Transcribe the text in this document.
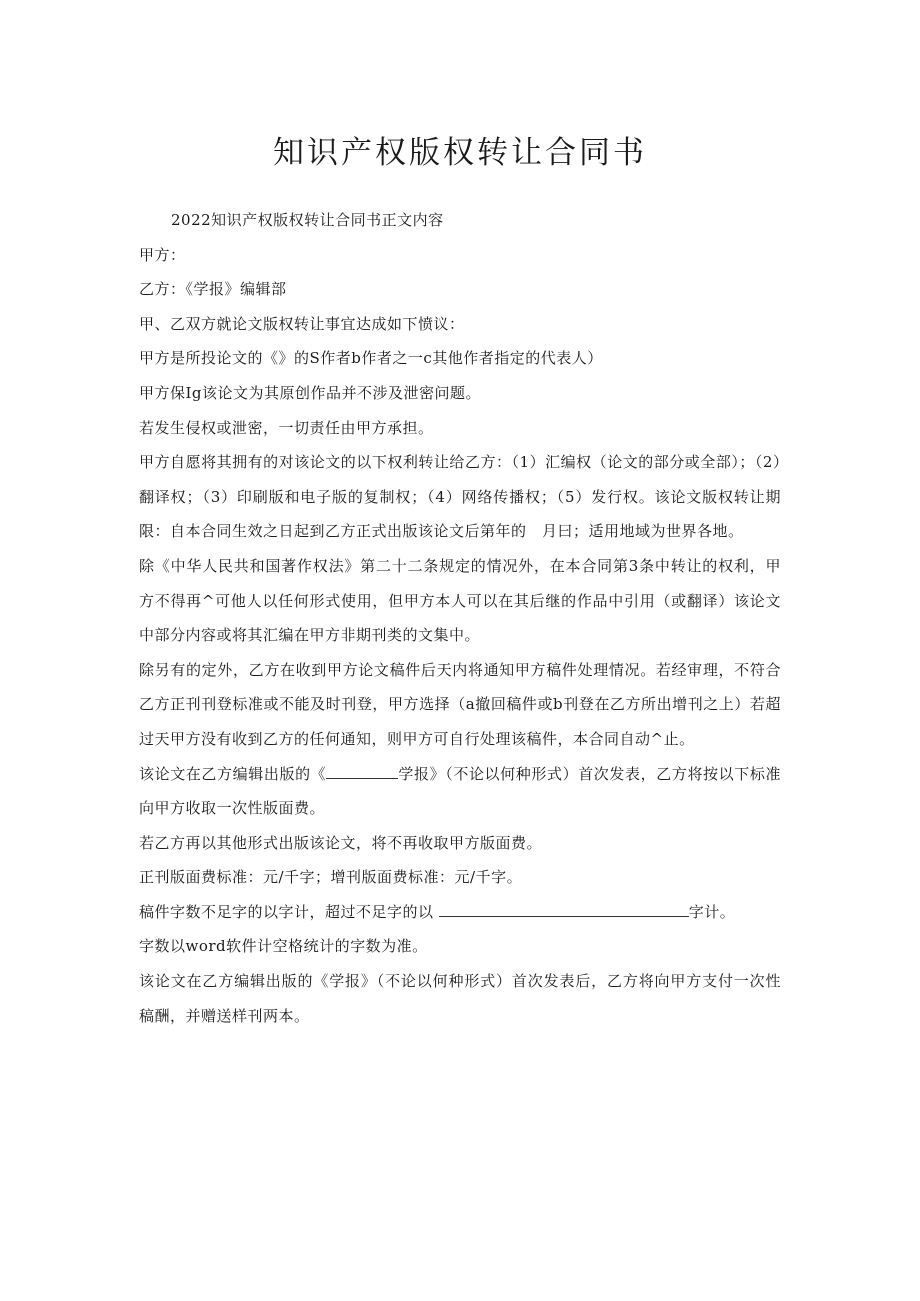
知识产权版权转让合同书

2022知识产权版权转让合同书正文内容

甲方：

乙方：《学报》编辑部

甲、乙双方就论文版权转让事宜达成如下愤议：

甲方是所投论文的《》的S作者b作者之一c其他作者指定的代表人）

甲方保Ig该论文为其原创作品并不涉及泄密问题。

若发生侵权或泄密，一切责任由甲方承担。

甲方自愿将其拥有的对该论文的以下权利转让给乙方：（1）汇编权（论文的部分或全部）；（2）翻译权；（3）印刷版和电子版的复制权；（4）网络传播权；（5）发行权。该论文版权转让期限：自本合同生效之日起到乙方正式出版该论文后第年的　月曰；适用地域为世界各地。

除《中华人民共和国著作权法》第二十二条规定的情况外，在本合同第3条中转让的权利，甲方不得再^可他人以任何形式使用，但甲方本人可以在其后继的作品中引用（或翻译）该论文中部分内容或将其汇编在甲方非期刊类的文集中。

除另有的定外，乙方在收到甲方论文稿件后天内将通知甲方稿件处理情况。若经审理，不符合乙方正刊刊登标准或不能及时刊登，甲方选择（a撤回稿件或b刊登在乙方所出增刊之上）若超过天甲方没有收到乙方的任何通知，则甲方可自行处理该稿件，本合同自动^止。

该论文在乙方编辑出版的《	学报》（不论以何种形式）首次发表，乙方将按以下标准向甲方收取一次性版面费。

若乙方再以其他形式出版该论文，将不再收取甲方版面费。

正刊版面费标准：元/千字；增刊版面费标准：元/千字。

稿件字数不足字的以字计，超过不足字的以	字计。

字数以word软件计空格统计的字数为准。

该论文在乙方编辑出版的《学报》（不论以何种形式）首次发表后，乙方将向甲方支付一次性稿酬，并赠送样刊两本。
